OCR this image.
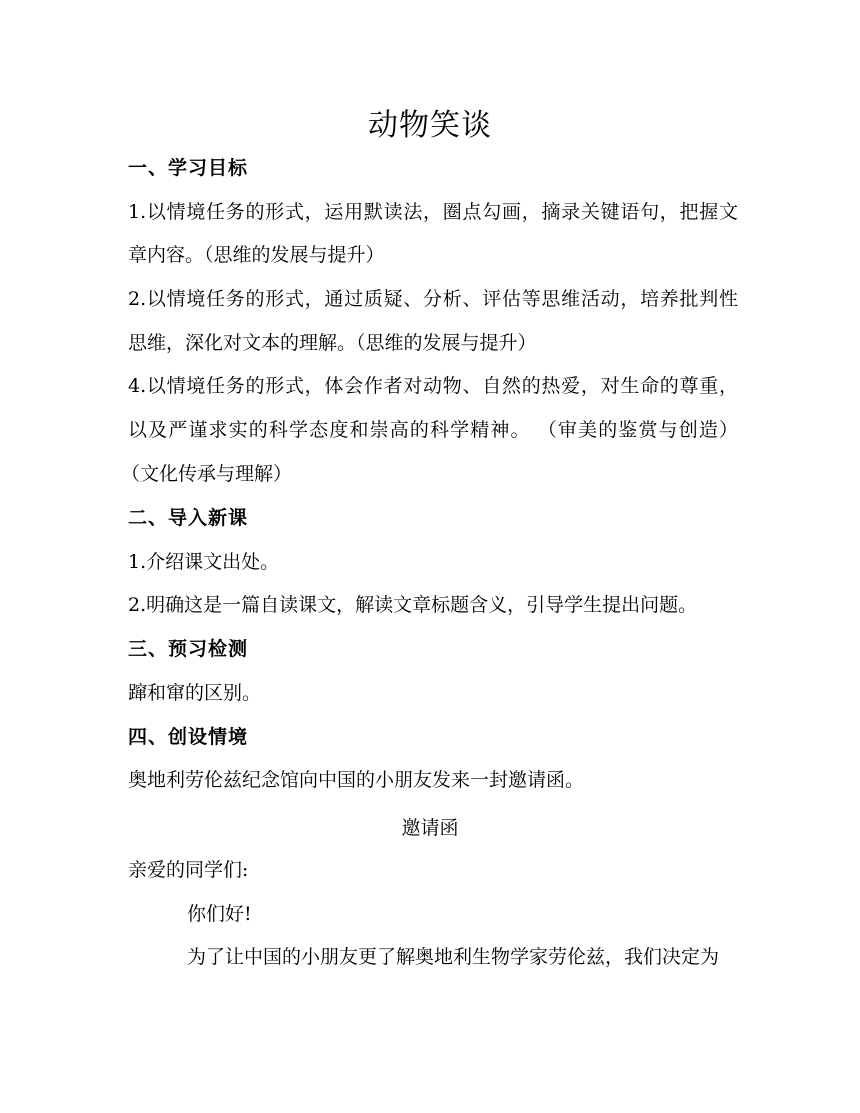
动物笑谈
一、学习目标
1.以情境任务的形式，运用默读法，圈点勾画，摘录关键语句，把握文
章内容。（思维的发展与提升）
2.以情境任务的形式，通过质疑、分析、评估等思维活动，培养批判性
思维，深化对文本的理解。（思维的发展与提升）
4.以情境任务的形式，体会作者对动物、自然的热爱，对生命的尊重，
以及严谨求实的科学态度和崇高的科学精神。 （审美的鉴赏与创造）
（文化传承与理解）
二、导入新课
1.介绍课文出处。
2.明确这是一篇自读课文，解读文章标题含义，引导学生提出问题。
三、预习检测
蹿和窜的区别。
四、创设情境
奥地利劳伦兹纪念馆向中国的小朋友发来一封邀请函。
邀请函
亲爱的同学们:
你们好!
为了让中国的小朋友更了解奥地利生物学家劳伦兹，我们决定为
